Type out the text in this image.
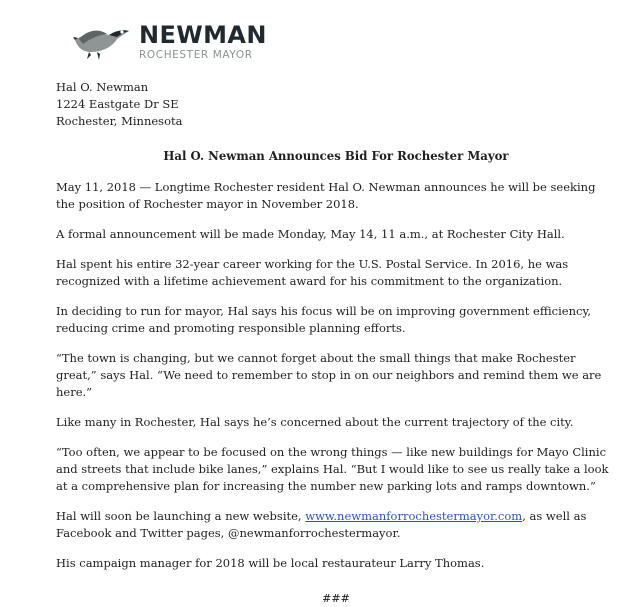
NEWMAN
ROCHESTER MAYOR
Hal O. Newman
1224 Eastgate Dr SE
Rochester, Minnesota
Hal O. Newman Announces Bid For Rochester Mayor

May 11, 2018 — Longtime Rochester resident Hal O. Newman announces he will be seeking the position of Rochester mayor in November 2018.

A formal announcement will be made Monday, May 14, 11 a.m., at Rochester City Hall.

Hal spent his entire 32-year career working for the U.S. Postal Service. In 2016, he was recognized with a lifetime achievement award for his commitment to the organization.

In deciding to run for mayor, Hal says his focus will be on improving government efficiency, reducing crime and promoting responsible planning efforts.

“The town is changing, but we cannot forget about the small things that make Rochester great,” says Hal. “We need to remember to stop in on our neighbors and remind them we are here.”

Like many in Rochester, Hal says he’s concerned about the current trajectory of the city.

“Too often, we appear to be focused on the wrong things — like new buildings for Mayo Clinic and streets that include bike lanes,” explains Hal. “But I would like to see us really take a look at a comprehensive plan for increasing the number new parking lots and ramps downtown.”

Hal will soon be launching a new website, www.newmanforrochestermayor.com, as well as Facebook and Twitter pages, @newmanforrochestermayor.

His campaign manager for 2018 will be local restaurateur Larry Thomas.

###
